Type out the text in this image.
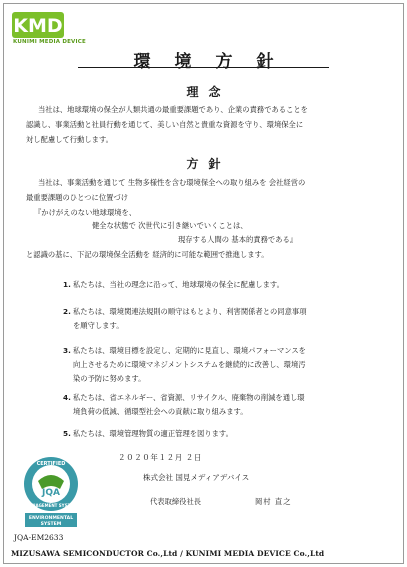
KMD
KUNIMI MEDIA DEVICE
環境方針
理念
当社は、地球環境の保全が人類共通の最重要課題であり、企業の責務であることを
認識し、事業活動と社員行動を通じて、美しい自然と貴重な資源を守り、環境保全に
対し配慮して行動します。
方針
当社は、事業活動を通じて 生物多様性を含む環境保全への取り組みを 会社経営の
最重要課題のひとつに位置づけ
『かけがえのない地球環境を、
健全な状態で 次世代に引き継いでいくことは、
現存する人間の 基本的責務である』
と認識の基に、下記の環境保全活動を 経済的に可能な範囲で推進します。
1. 私たちは、当社の理念に沿って、地球環境の保全に配慮します。
2. 私たちは、環境関連法規則の順守はもとより、利害関係者との同意事項
を順守します。
3. 私たちは、環境目標を設定し、定期的に見直し、環境パフォーマンスを
向上させるために環境マネジメントシステムを継続的に改善し、環境汚
染の予防に努めます。
4. 私たちは、省エネルギー、省資源、リサイクル、廃棄物の削減を通し環
境負荷の低減、循環型社会への貢献に取り組みます。
5. 私たちは、環境管理物質の適正管理を図ります。
２０２０年１２月 ２日
株式会社 国見メディアデバイス
代表取締役社長	岡村 直之
CERTIFIED
MANAGEMENT SYSTEM
JQA
ENVIRONMENTAL
SYSTEM
JQA-EM2633
MIZUSAWA SEMICONDUCTOR Co.,Ltd / KUNIMI MEDIA DEVICE Co.,Ltd
